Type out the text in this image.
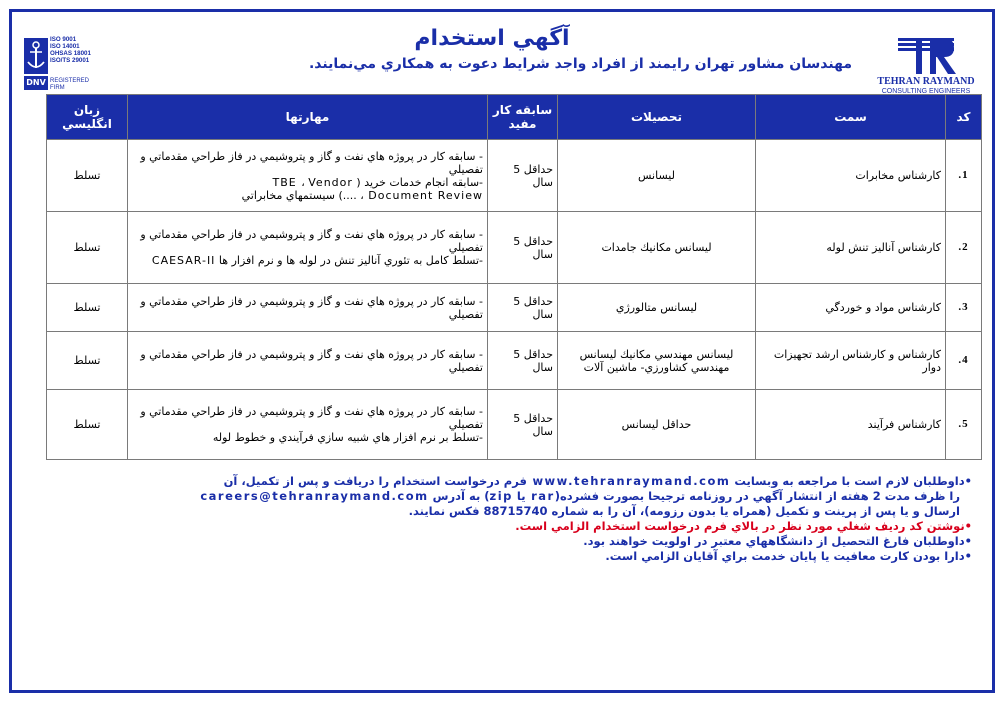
ISO 9001
ISO 14001
OHSAS 18001
ISO/TS 29001
DNV REGISTERED
FIRM
آگهي استخدام
مهندسان مشاور تهران رايمند از افراد واجد شرايط دعوت به همكاري مي‌نمايند.
TEHRAN RAYMAND
CONSULTING ENGINEERS
كد	سمت	تحصيلات	سابقه كار مفيد	مهارتها	زبان انگليسي
1.	كارشناس مخابرات	ليسانس	حداقل 5 سال	- سابقه كار در پروژه هاي نفت و گاز و پتروشيمي در فاز طراحي مقدماتي و تفصيلي
-سابقه انجام خدمات خريد ( TBE ، Vendor
Document Review ، ....) سيستمهاي مخابراتي	تسلط
2.	كارشناس آناليز تنش لوله	ليسانس مكانيك جامدات	حداقل 5 سال	- سابقه كار در پروژه هاي نفت و گاز و پتروشيمي در فاز طراحي مقدماتي و تفصيلي
-تسلط كامل به تئوري آناليز تنش در لوله ها و نرم افزار ها CAESAR-II	تسلط
3.	كارشناس مواد و خوردگي	ليسانس متالورژي	حداقل 5 سال	- سابقه كار در پروژه هاي نفت و گاز و پتروشيمي در فاز طراحي مقدماتي و تفصيلي	تسلط
4.	كارشناس و كارشناس ارشد تجهيزات دوار	ليسانس مهندسي مكانيك ليسانس مهندسي كشاورزي- ماشين آلات	حداقل 5 سال	- سابقه كار در پروژه هاي نفت و گاز و پتروشيمي در فاز طراحي مقدماتي و تفصيلي	تسلط
5.	كارشناس فرآيند	حداقل ليسانس	حداقل 5 سال	- سابقه كار در پروژه هاي نفت و گاز و پتروشيمي در فاز طراحي مقدماتي و تفصيلي
-تسلط بر نرم افزار هاي شبيه سازي فرآيندي و خطوط لوله	تسلط
•داوطلبان لازم است با مراجعه به وبسايت www.tehranraymand.com فرم درخواست استخدام را دريافت و پس از تكميل، آن
را ظرف مدت 2 هفته از انتشار آگهي در روزنامه ترجيحا بصورت فشرده(rar يا zip) به آدرس careers@tehranraymand.com
ارسال و يا پس از پرينت و تكميل (همراه يا بدون رزومه)، آن را به شماره 88715740 فكس نمايند.
•نوشتن كد رديف شغلي مورد نظر در بالاي فرم درخواست استخدام الزامي است.
•داوطلبان فارغ التحصيل از دانشگاههاي معتبر در اولويت خواهند بود.
•دارا بودن كارت معافيت يا پايان خدمت براي آقايان الزامي است.
